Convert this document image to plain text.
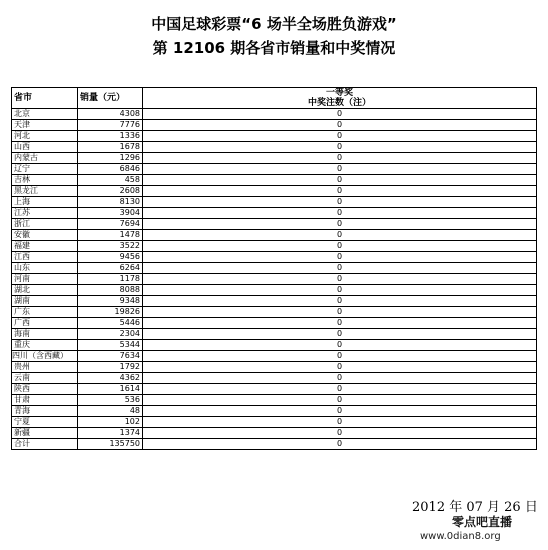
中国足球彩票“6 场半全场胜负游戏”
第 12106 期各省市销量和中奖情况
省市	销量（元）	一等奖
中奖注数（注）

北京	4308	0
天津	7776	0
河北	1336	0
山西	1678	0
内蒙古	1296	0
辽宁	6846	0
吉林	458	0
黑龙江	2608	0
上海	8130	0
江苏	3904	0
浙江	7694	0
安徽	1478	0
福建	3522	0
江西	9456	0
山东	6264	0
河南	1178	0
湖北	8088	0
湖南	9348	0
广东	19826	0
广西	5446	0
海南	2304	0
重庆	5344	0
四川（含西藏）	7634	0
贵州	1792	0
云南	4362	0
陕西	1614	0
甘肃	536	0
青海	48	0
宁夏	102	0
新疆	1374	0
合计	135750	0
2012 年 07 月 26 日
零点吧直播
www.0dian8.org
